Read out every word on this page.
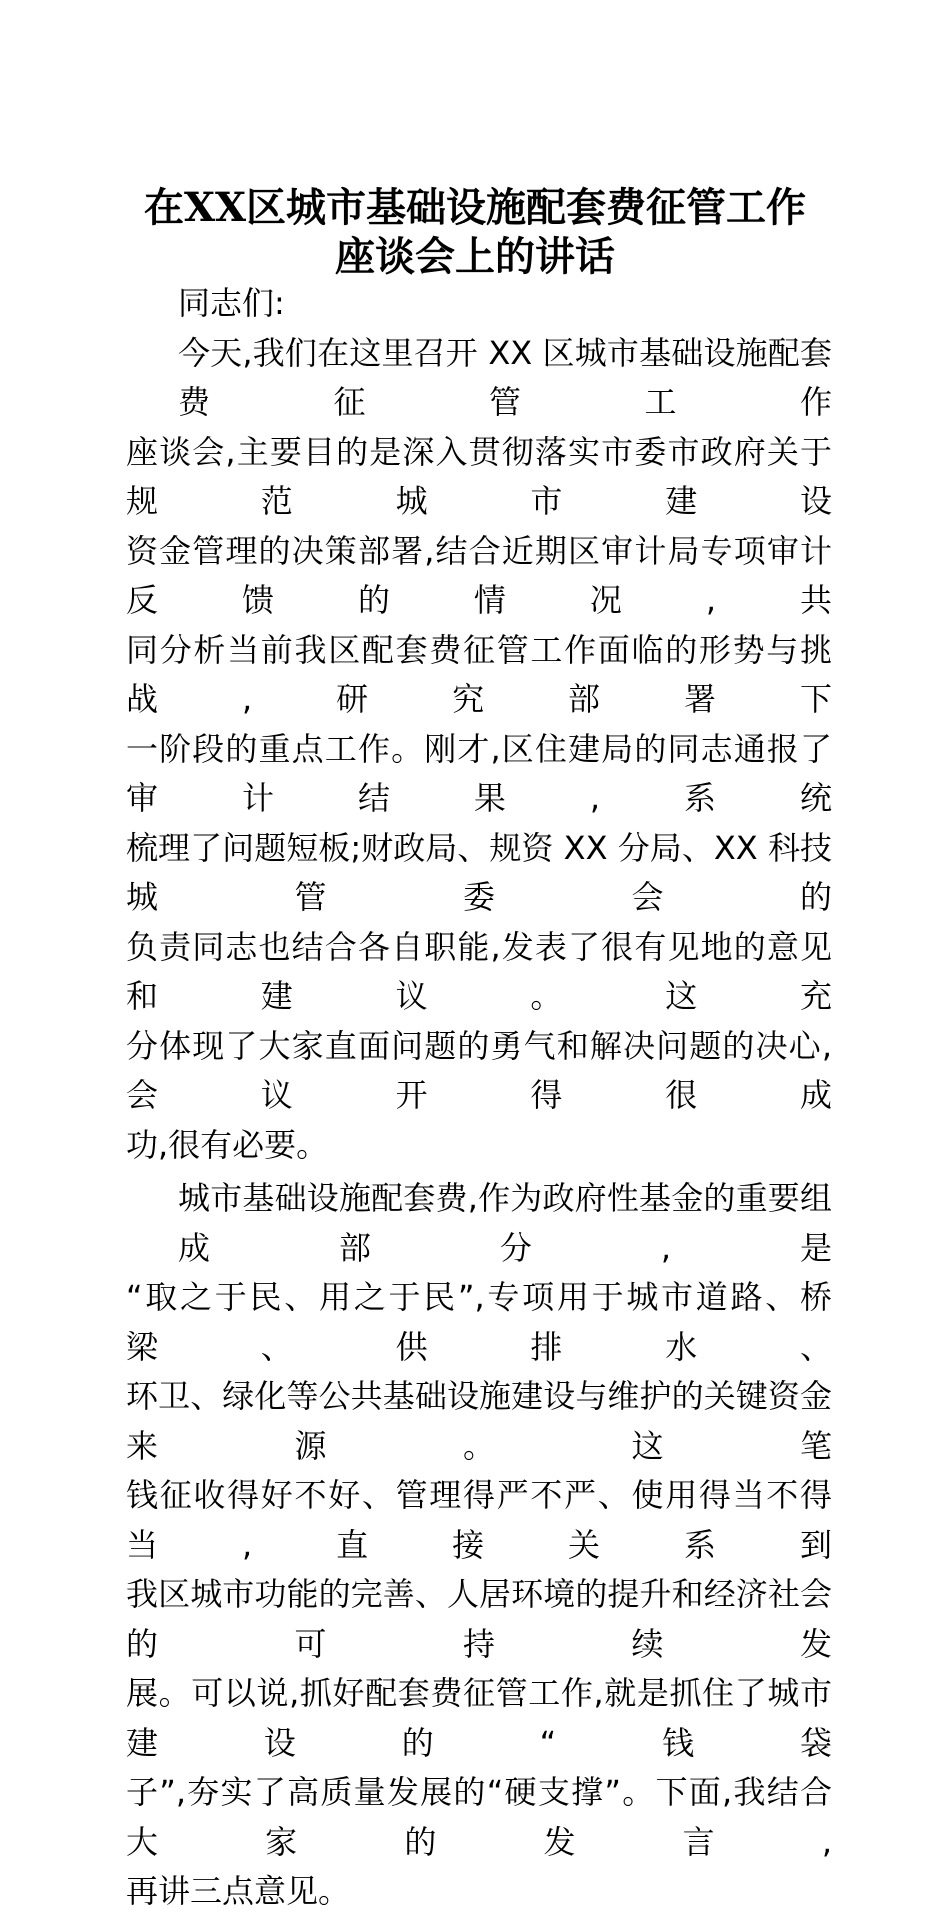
在XX区城市基础设施配套费征管工作
座谈会上的讲话
同志们:
今天,我们在这里召开 XX 区城市基础设施配套费征管工作
座谈会,主要目的是深入贯彻落实市委市政府关于规范城市建设
资金管理的决策部署,结合近期区审计局专项审计反馈的情况,共
同分析当前我区配套费征管工作面临的形势与挑战,研究部署下
一阶段的重点工作。刚才,区住建局的同志通报了审计结果,系统
梳理了问题短板;财政局、规资 XX 分局、XX 科技城管委会的
负责同志也结合各自职能,发表了很有见地的意见和建议。这充
分体现了大家直面问题的勇气和解决问题的决心,会议开得很成
功,很有必要。
城市基础设施配套费,作为政府性基金的重要组成部分,是
“取之于民、用之于民”,专项用于城市道路、桥梁、供排水、
环卫、绿化等公共基础设施建设与维护的关键资金来源。这笔
钱征收得好不好、管理得严不严、使用得当不得当,直接关系到
我区城市功能的完善、人居环境的提升和经济社会的可持续发
展。可以说,抓好配套费征管工作,就是抓住了城市建设的“钱袋
子”,夯实了高质量发展的“硬支撑”。下面,我结合大家的发言,
再讲三点意见。
